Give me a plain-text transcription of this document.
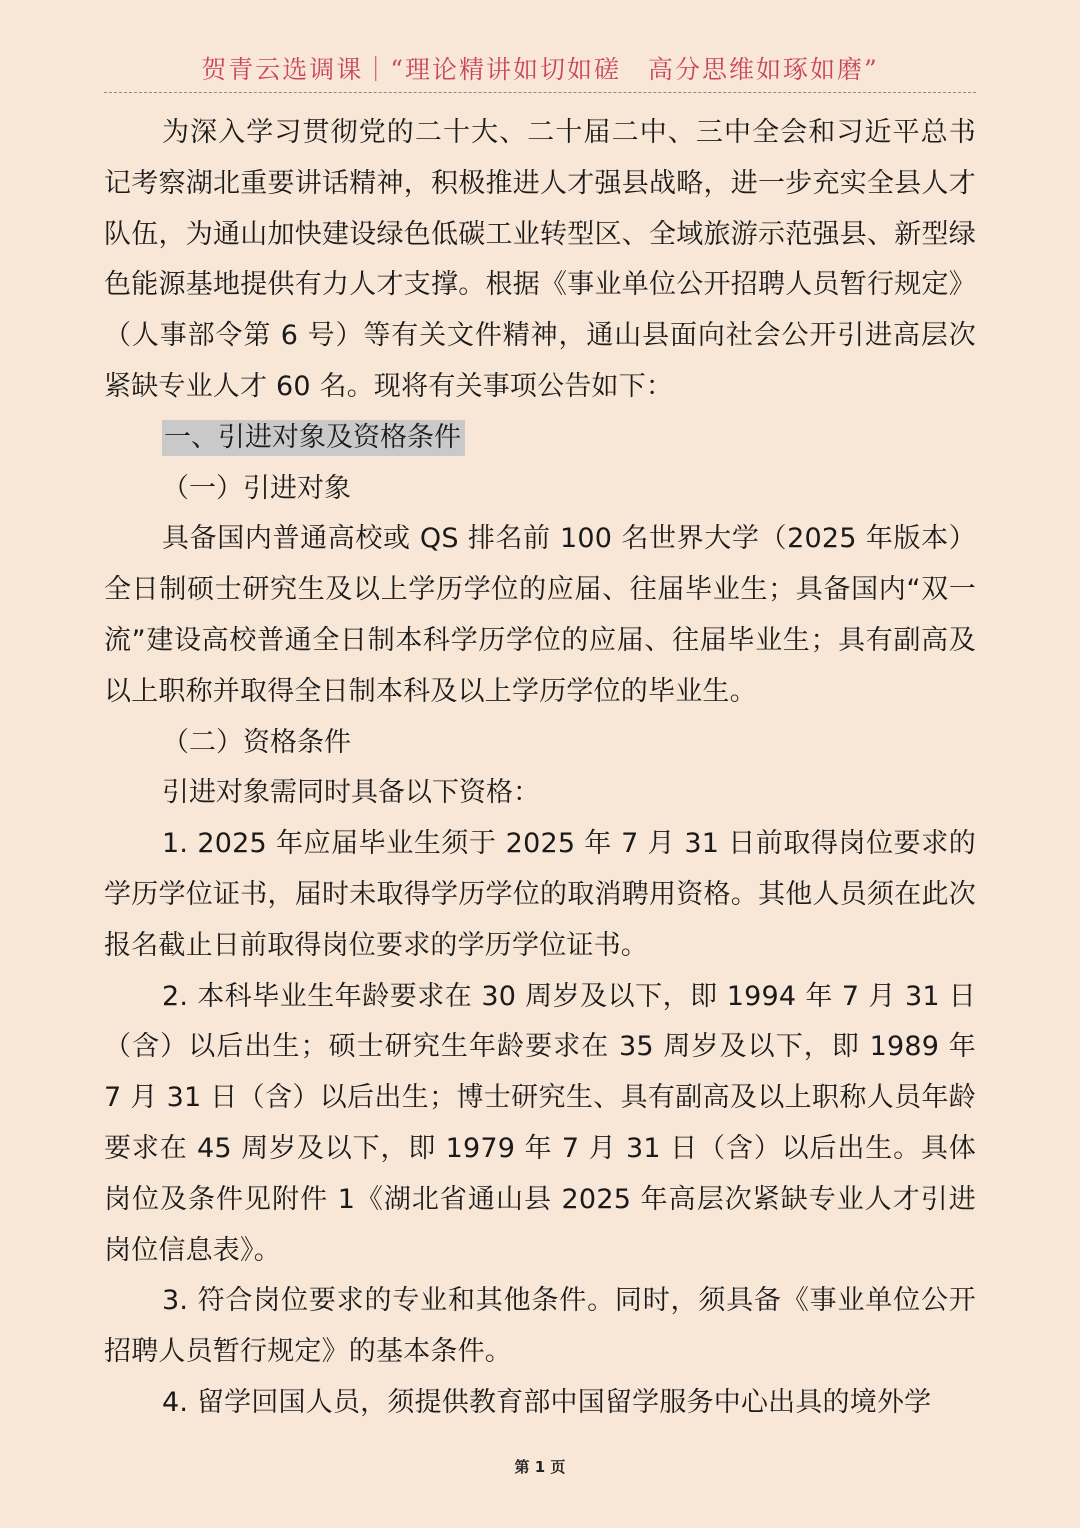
贺青云选调课｜“理论精讲如切如磋　高分思维如琢如磨”

为深入学习贯彻党的二十大、二十届二中、三中全会和习近平总书记考察湖北重要讲话精神，积极推进人才强县战略，进一步充实全县人才队伍，为通山加快建设绿色低碳工业转型区、全域旅游示范强县、新型绿色能源基地提供有力人才支撑。根据《事业单位公开招聘人员暂行规定》（人事部令第 6 号）等有关文件精神，通山县面向社会公开引进高层次紧缺专业人才 60 名。现将有关事项公告如下：

一、引进对象及资格条件

（一）引进对象

具备国内普通高校或 QS 排名前 100 名世界大学（2025 年版本）全日制硕士研究生及以上学历学位的应届、往届毕业生；具备国内“双一流”建设高校普通全日制本科学历学位的应届、往届毕业生；具有副高及以上职称并取得全日制本科及以上学历学位的毕业生。

（二）资格条件

引进对象需同时具备以下资格：

1. 2025 年应届毕业生须于 2025 年 7 月 31 日前取得岗位要求的学历学位证书，届时未取得学历学位的取消聘用资格。其他人员须在此次报名截止日前取得岗位要求的学历学位证书。

2. 本科毕业生年龄要求在 30 周岁及以下，即 1994 年 7 月 31 日（含）以后出生；硕士研究生年龄要求在 35 周岁及以下，即 1989 年 7 月 31 日（含）以后出生；博士研究生、具有副高及以上职称人员年龄要求在 45 周岁及以下，即 1979 年 7 月 31 日（含）以后出生。具体岗位及条件见附件 1《湖北省通山县 2025 年高层次紧缺专业人才引进岗位信息表》。

3. 符合岗位要求的专业和其他条件。同时，须具备《事业单位公开招聘人员暂行规定》的基本条件。

4. 留学回国人员，须提供教育部中国留学服务中心出具的境外学

第 1 页
